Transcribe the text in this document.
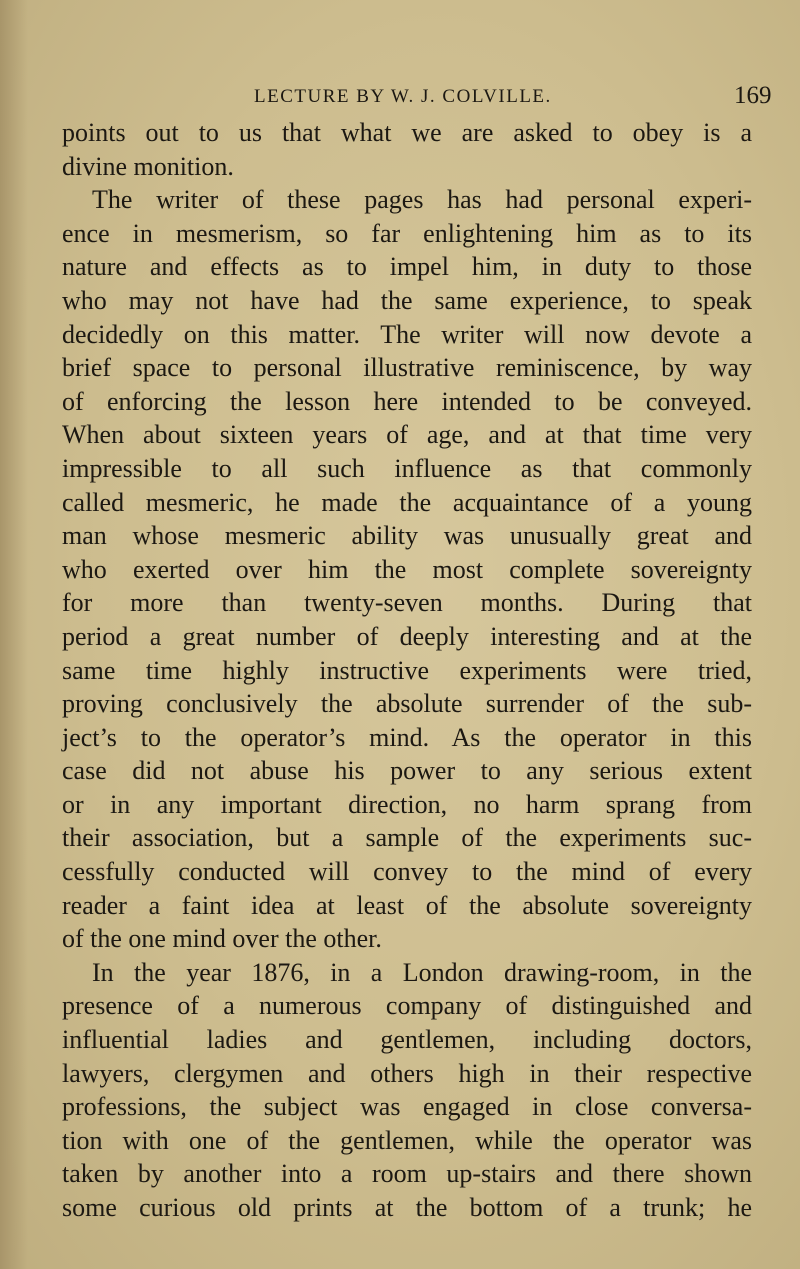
LECTURE BY W. J. COLVILLE.	169
points out to us that what we are asked to obey is a
divine monition.
The writer of these pages has had personal experi-
ence in mesmerism, so far enlightening him as to its
nature and effects as to impel him, in duty to those
who may not have had the same experience, to speak
decidedly on this matter. The writer will now devote a
brief space to personal illustrative reminiscence, by way
of enforcing the lesson here intended to be conveyed.
When about sixteen years of age, and at that time very
impressible to all such influence as that commonly
called mesmeric, he made the acquaintance of a young
man whose mesmeric ability was unusually great and
who exerted over him the most complete sovereignty
for more than twenty-seven months. During that
period a great number of deeply interesting and at the
same time highly instructive experiments were tried,
proving conclusively the absolute surrender of the sub-
ject’s to the operator’s mind. As the operator in this
case did not abuse his power to any serious extent
or in any important direction, no harm sprang from
their association, but a sample of the experiments suc-
cessfully conducted will convey to the mind of every
reader a faint idea at least of the absolute sovereignty
of the one mind over the other.
In the year 1876, in a London drawing-room, in the
presence of a numerous company of distinguished and
influential ladies and gentlemen, including doctors,
lawyers, clergymen and others high in their respective
professions, the subject was engaged in close conversa-
tion with one of the gentlemen, while the operator was
taken by another into a room up-stairs and there shown
some curious old prints at the bottom of a trunk; he
